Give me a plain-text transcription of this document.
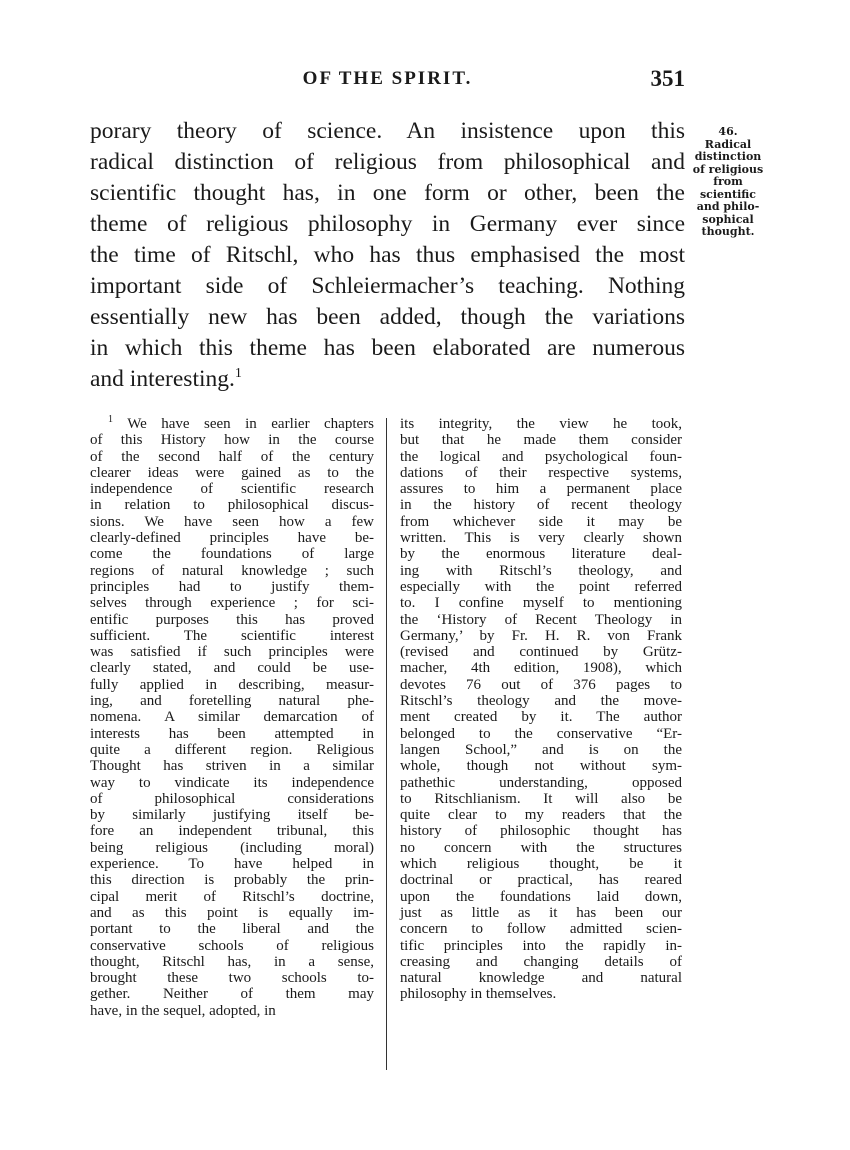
OF THE SPIRIT.	351
porary theory of science. An insistence upon this
radical distinction of religious from philosophical and
scientific thought has, in one form or other, been the
theme of religious philosophy in Germany ever since
the time of Ritschl, who has thus emphasised the most
important side of Schleiermacher’s teaching. Nothing
essentially new has been added, though the variations
in which this theme has been elaborated are numerous
and interesting.$^1$
46.
Radical
distinction
of religious
from
scientific
and philo-
sophical
thought.
$^1$ We have seen in earlier chapters
of this History how in the course
of the second half of the century
clearer ideas were gained as to the
independence of scientific research
in relation to philosophical discus-
sions. We have seen how a few
clearly-defined principles have be-
come the foundations of large
regions of natural knowledge ; such
principles had to justify them-
selves through experience ; for sci-
entific purposes this has proved
sufficient. The scientific interest
was satisfied if such principles were
clearly stated, and could be use-
fully applied in describing, measur-
ing, and foretelling natural phe-
nomena. A similar demarcation of
interests has been attempted in
quite a different region. Religious
Thought has striven in a similar
way to vindicate its independence
of philosophical considerations
by similarly justifying itself be-
fore an independent tribunal, this
being religious (including moral)
experience. To have helped in
this direction is probably the prin-
cipal merit of Ritschl’s doctrine,
and as this point is equally im-
portant to the liberal and the
conservative schools of religious
thought, Ritschl has, in a sense,
brought these two schools to-
gether. Neither of them may
have, in the sequel, adopted, in
its integrity, the view he took,
but that he made them consider
the logical and psychological foun-
dations of their respective systems,
assures to him a permanent place
in the history of recent theology
from whichever side it may be
written. This is very clearly shown
by the enormous literature deal-
ing with Ritschl’s theology, and
especially with the point referred
to. I confine myself to mentioning
the ‘History of Recent Theology in
Germany,’ by Fr. H. R. von Frank
(revised and continued by Grütz-
macher, 4th edition, 1908), which
devotes 76 out of 376 pages to
Ritschl’s theology and the move-
ment created by it. The author
belonged to the conservative “Er-
langen School,” and is on the
whole, though not without sym-
pathethic understanding, opposed
to Ritschlianism. It will also be
quite clear to my readers that the
history of philosophic thought has
no concern with the structures
which religious thought, be it
doctrinal or practical, has reared
upon the foundations laid down,
just as little as it has been our
concern to follow admitted scien-
tific principles into the rapidly in-
creasing and changing details of
natural knowledge and natural
philosophy in themselves.
